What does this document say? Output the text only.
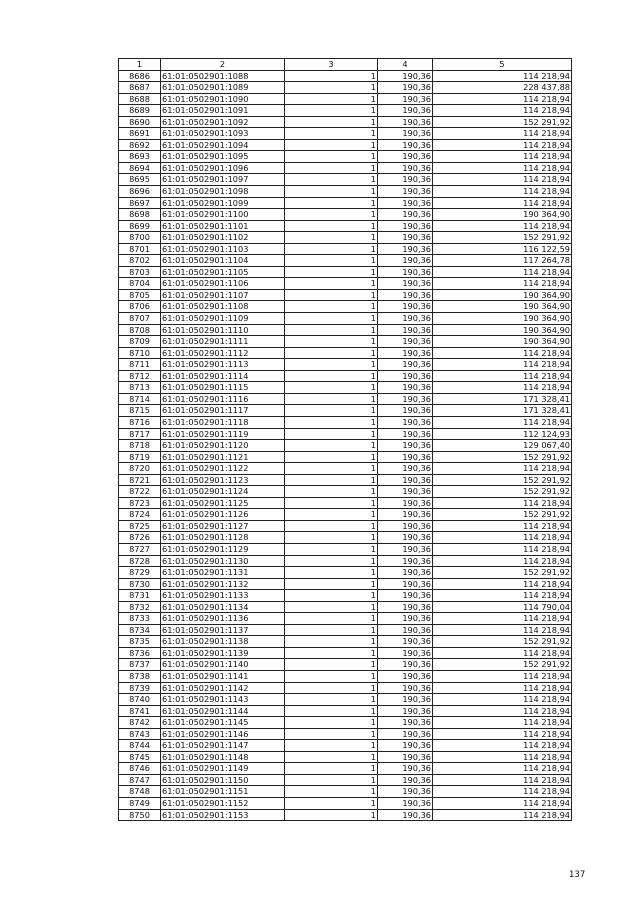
1	2	3	4	5
8686	61:01:0502901:1088	1	190,36	114 218,94
8687	61:01:0502901:1089	1	190,36	228 437,88
8688	61:01:0502901:1090	1	190,36	114 218,94
8689	61:01:0502901:1091	1	190,36	114 218,94
8690	61:01:0502901:1092	1	190,36	152 291,92
8691	61:01:0502901:1093	1	190,36	114 218,94
8692	61:01:0502901:1094	1	190,36	114 218,94
8693	61:01:0502901:1095	1	190,36	114 218,94
8694	61:01:0502901:1096	1	190,36	114 218,94
8695	61:01:0502901:1097	1	190,36	114 218,94
8696	61:01:0502901:1098	1	190,36	114 218,94
8697	61:01:0502901:1099	1	190,36	114 218,94
8698	61:01:0502901:1100	1	190,36	190 364,90
8699	61:01:0502901:1101	1	190,36	114 218,94
8700	61:01:0502901:1102	1	190,36	152 291,92
8701	61:01:0502901:1103	1	190,36	116 122,59
8702	61:01:0502901:1104	1	190,36	117 264,78
8703	61:01:0502901:1105	1	190,36	114 218,94
8704	61:01:0502901:1106	1	190,36	114 218,94
8705	61:01:0502901:1107	1	190,36	190 364,90
8706	61:01:0502901:1108	1	190,36	190 364,90
8707	61:01:0502901:1109	1	190,36	190 364,90
8708	61:01:0502901:1110	1	190,36	190 364,90
8709	61:01:0502901:1111	1	190,36	190 364,90
8710	61:01:0502901:1112	1	190,36	114 218,94
8711	61:01:0502901:1113	1	190,36	114 218,94
8712	61:01:0502901:1114	1	190,36	114 218,94
8713	61:01:0502901:1115	1	190,36	114 218,94
8714	61:01:0502901:1116	1	190,36	171 328,41
8715	61:01:0502901:1117	1	190,36	171 328,41
8716	61:01:0502901:1118	1	190,36	114 218,94
8717	61:01:0502901:1119	1	190,36	112 124,93
8718	61:01:0502901:1120	1	190,36	129 067,40
8719	61:01:0502901:1121	1	190,36	152 291,92
8720	61:01:0502901:1122	1	190,36	114 218,94
8721	61:01:0502901:1123	1	190,36	152 291,92
8722	61:01:0502901:1124	1	190,36	152 291,92
8723	61:01:0502901:1125	1	190,36	114 218,94
8724	61:01:0502901:1126	1	190,36	152 291,92
8725	61:01:0502901:1127	1	190,36	114 218,94
8726	61:01:0502901:1128	1	190,36	114 218,94
8727	61:01:0502901:1129	1	190,36	114 218,94
8728	61:01:0502901:1130	1	190,36	114 218,94
8729	61:01:0502901:1131	1	190,36	152 291,92
8730	61:01:0502901:1132	1	190,36	114 218,94
8731	61:01:0502901:1133	1	190,36	114 218,94
8732	61:01:0502901:1134	1	190,36	114 790,04
8733	61:01:0502901:1136	1	190,36	114 218,94
8734	61:01:0502901:1137	1	190,36	114 218,94
8735	61:01:0502901:1138	1	190,36	152 291,92
8736	61:01:0502901:1139	1	190,36	114 218,94
8737	61:01:0502901:1140	1	190,36	152 291,92
8738	61:01:0502901:1141	1	190,36	114 218,94
8739	61:01:0502901:1142	1	190,36	114 218,94
8740	61:01:0502901:1143	1	190,36	114 218,94
8741	61:01:0502901:1144	1	190,36	114 218,94
8742	61:01:0502901:1145	1	190,36	114 218,94
8743	61:01:0502901:1146	1	190,36	114 218,94
8744	61:01:0502901:1147	1	190,36	114 218,94
8745	61:01:0502901:1148	1	190,36	114 218,94
8746	61:01:0502901:1149	1	190,36	114 218,94
8747	61:01:0502901:1150	1	190,36	114 218,94
8748	61:01:0502901:1151	1	190,36	114 218,94
8749	61:01:0502901:1152	1	190,36	114 218,94
8750	61:01:0502901:1153	1	190,36	114 218,94
137
